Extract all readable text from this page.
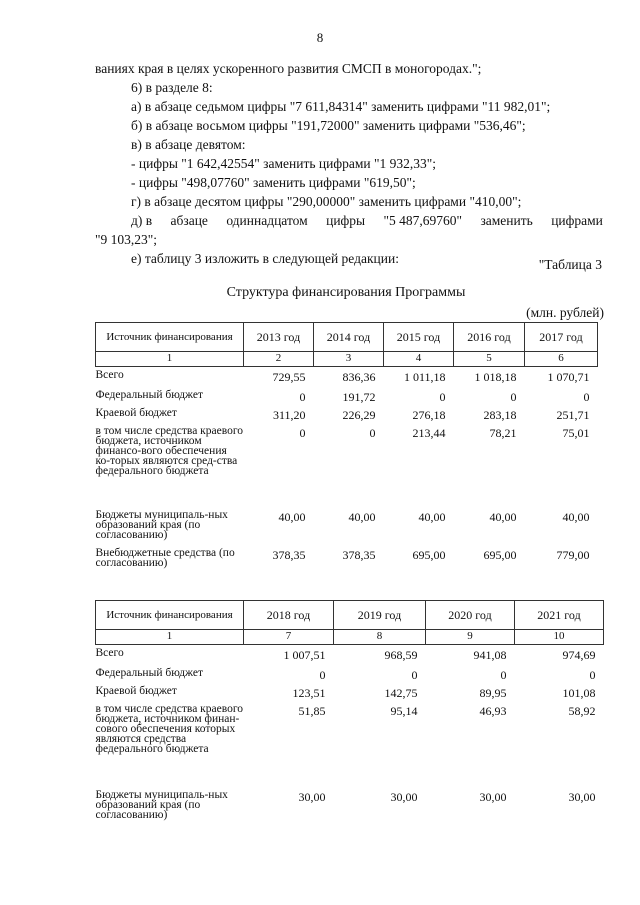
8
ваниях края в целях ускоренного развития СМСП в моногородах.";
6) в разделе 8:
а) в абзаце седьмом цифры "7 611,84314" заменить цифрами "11 982,01";
б) в абзаце восьмом цифры "191,72000" заменить цифрами "536,46";
в) в абзаце девятом:
- цифры "1 642,42554" заменить цифрами "1 932,33";
- цифры "498,07760" заменить цифрами "619,50";
г) в абзаце десятом цифры "290,00000" заменить цифрами "410,00";
д) в абзаце одиннадцатом цифры "5 487,69760" заменить цифрами
"9 103,23";
е) таблицу 3 изложить в следующей редакции:	"Таблица 3
Структура финансирования Программы
(млн. рублей)
Источник финансирования	2013 год	2014 год	2015 год	2016 год	2017 год
1	2	3	4	5	6
Всего	729,55	836,36	1 011,18	1 018,18	1 070,71
Федеральный бюджет	0	191,72	0	0	0
Краевой бюджет	311,20	226,29	276,18	283,18	251,71
в том числе средства краевого бюджета, источником финансо-вого обеспечения ко-торых являются сред-ства федерального бюджета	0	0	213,44	78,21	75,01
Бюджеты муниципаль-ных образований края (по согласованию)	40,00	40,00	40,00	40,00	40,00
Внебюджетные средства (по согласованию)	378,35	378,35	695,00	695,00	779,00
Источник финансирования	2018 год	2019 год	2020 год	2021 год
1	7	8	9	10
Всего	1 007,51	968,59	941,08	974,69
Федеральный бюджет	0	0	0	0
Краевой бюджет	123,51	142,75	89,95	101,08
в том числе средства краевого бюджета, источником финан-сового обеспечения которых являются средства федерального бюджета	51,85	95,14	46,93	58,92
Бюджеты муниципаль-ных образований края (по согласованию)	30,00	30,00	30,00	30,00
